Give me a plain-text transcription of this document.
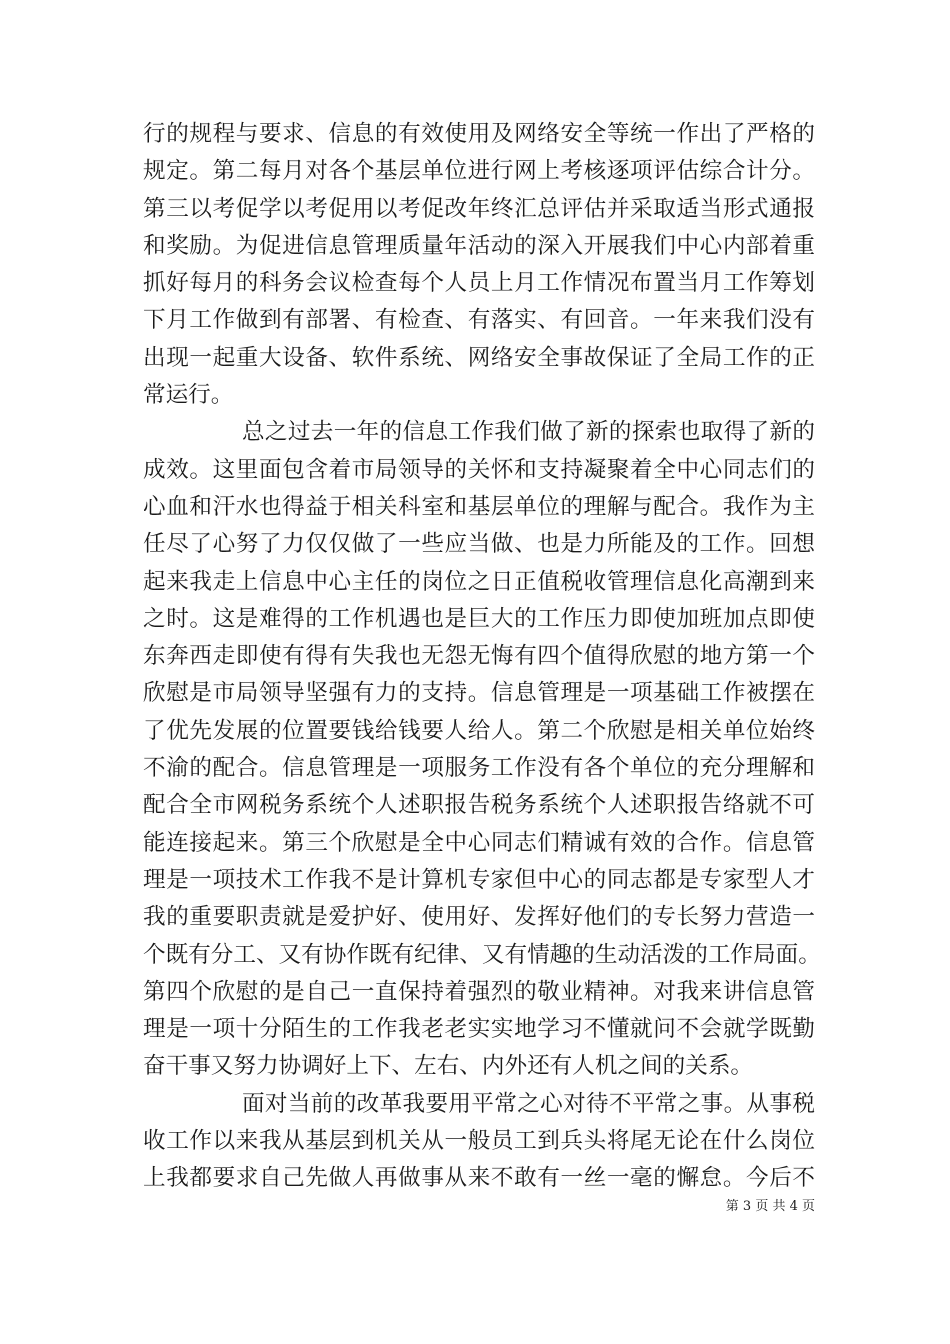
行的规程与要求、信息的有效使用及网络安全等统一作出了严格的
规定。第二每月对各个基层单位进行网上考核逐项评估综合计分。
第三以考促学以考促用以考促改年终汇总评估并采取适当形式通报
和奖励。为促进信息管理质量年活动的深入开展我们中心内部着重
抓好每月的科务会议检查每个人员上月工作情况布置当月工作筹划
下月工作做到有部署、有检查、有落实、有回音。一年来我们没有
出现一起重大设备、软件系统、网络安全事故保证了全局工作的正
常运行。
总之过去一年的信息工作我们做了新的探索也取得了新的
成效。这里面包含着市局领导的关怀和支持凝聚着全中心同志们的
心血和汗水也得益于相关科室和基层单位的理解与配合。我作为主
任尽了心努了力仅仅做了一些应当做、也是力所能及的工作。回想
起来我走上信息中心主任的岗位之日正值税收管理信息化高潮到来
之时。这是难得的工作机遇也是巨大的工作压力即使加班加点即使
东奔西走即使有得有失我也无怨无悔有四个值得欣慰的地方第一个
欣慰是市局领导坚强有力的支持。信息管理是一项基础工作被摆在
了优先发展的位置要钱给钱要人给人。第二个欣慰是相关单位始终
不渝的配合。信息管理是一项服务工作没有各个单位的充分理解和
配合全市网税务系统个人述职报告税务系统个人述职报告络就不可
能连接起来。第三个欣慰是全中心同志们精诚有效的合作。信息管
理是一项技术工作我不是计算机专家但中心的同志都是专家型人才
我的重要职责就是爱护好、使用好、发挥好他们的专长努力营造一
个既有分工、又有协作既有纪律、又有情趣的生动活泼的工作局面。
第四个欣慰的是自己一直保持着强烈的敬业精神。对我来讲信息管
理是一项十分陌生的工作我老老实实地学习不懂就问不会就学既勤
奋干事又努力协调好上下、左右、内外还有人机之间的关系。
面对当前的改革我要用平常之心对待不平常之事。从事税
收工作以来我从基层到机关从一般员工到兵头将尾无论在什么岗位
上我都要求自己先做人再做事从来不敢有一丝一毫的懈怠。今后不
第 3 页 共 4 页
